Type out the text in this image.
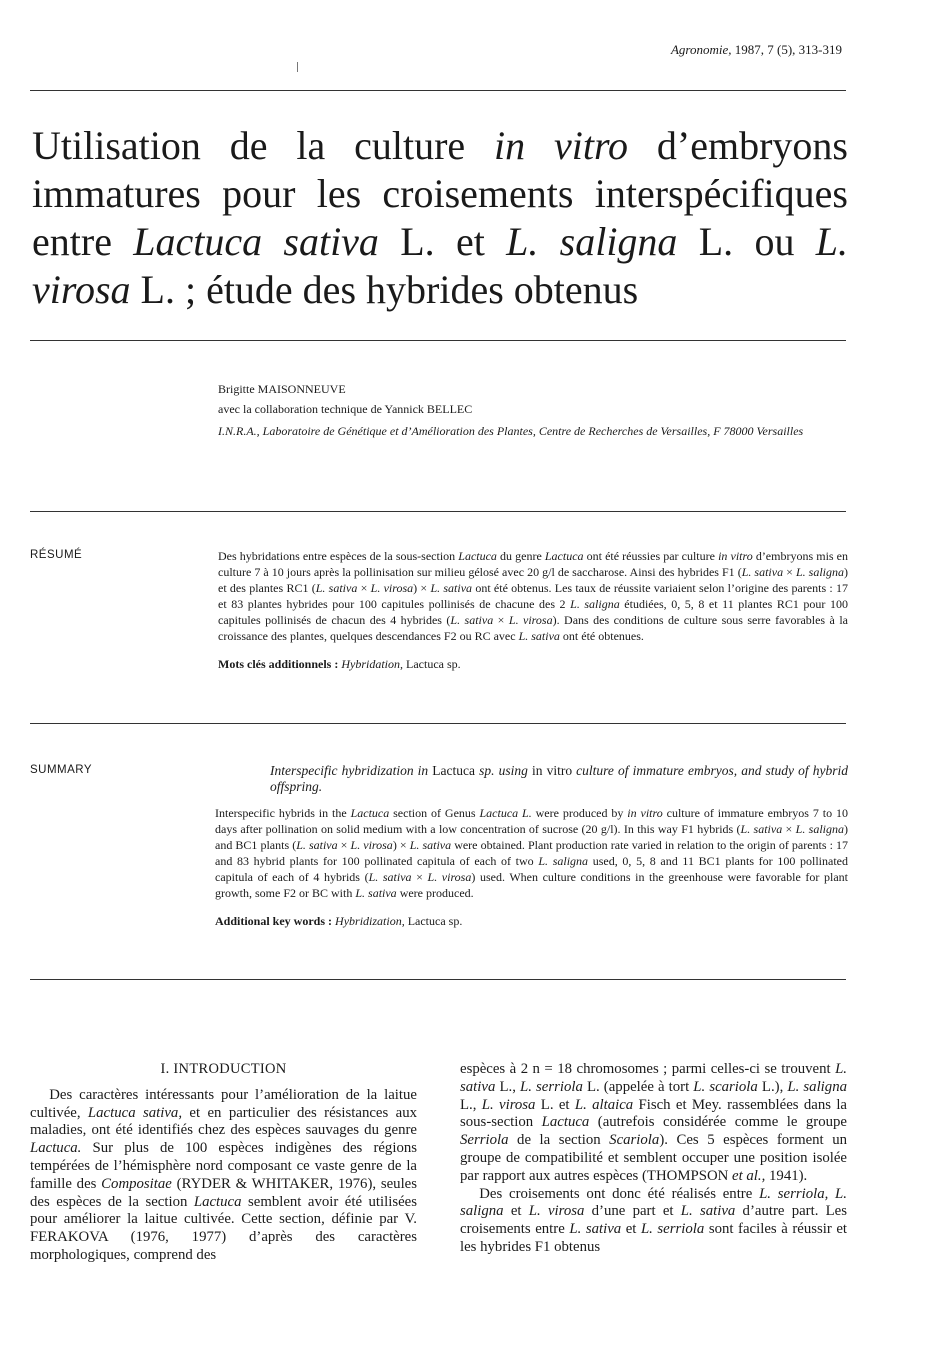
Agronomie, 1987, 7 (5), 313-319
Utilisation de la culture in vitro d’embryons immatures pour les croisements interspécifiques entre Lactuca sativa L. et L. saligna L. ou L. virosa L. ; étude des hybrides obtenus
Brigitte MAISONNEUVE
avec la collaboration technique de Yannick BELLEC
I.N.R.A., Laboratoire de Génétique et d’Amélioration des Plantes, Centre de Recherches de Versailles, F 78000 Versailles
RÉSUMÉ	Des hybridations entre espèces de la sous-section Lactuca du genre Lactuca ont été réussies par culture in vitro d’embryons mis en culture 7 à 10 jours après la pollinisation sur milieu gélosé avec 20 g/l de saccharose. Ainsi des hybrides F1 (L. sativa × L. saligna) et des plantes RC1 (L. sativa × L. virosa) × L. sativa ont été obtenus. Les taux de réussite variaient selon l’origine des parents : 17 et 83 plantes hybrides pour 100 capitules pollinisés de chacune des 2 L. saligna étudiées, 0, 5, 8 et 11 plantes RC1 pour 100 capitules pollinisés de chacun des 4 hybrides (L. sativa × L. virosa). Dans des conditions de culture sous serre favorables à la croissance des plantes, quelques descendances F2 ou RC avec L. sativa ont été obtenues.

Mots clés additionnels : Hybridation, Lactuca sp.

SUMMARY	Interspecific hybridization in Lactuca sp. using in vitro culture of immature embryos, and study of hybrid offspring.

Interspecific hybrids in the Lactuca section of Genus Lactuca L. were produced by in vitro culture of immature embryos 7 to 10 days after pollination on solid medium with a low concentration of sucrose (20 g/l). In this way F1 hybrids (L. sativa × L. saligna) and BC1 plants (L. sativa × L. virosa) × L. sativa were obtained. Plant production rate varied in relation to the origin of parents : 17 and 83 hybrid plants for 100 pollinated capitula of each of two L. saligna used, 0, 5, 8 and 11 BC1 plants for 100 pollinated capitula of each of 4 hybrids (L. sativa × L. virosa) used. When culture conditions in the greenhouse were favorable for plant growth, some F2 or BC with L. sativa were produced.

Additional key words : Hybridization, Lactuca sp.

I. INTRODUCTION

Des caractères intéressants pour l’amélioration de la laitue cultivée, Lactuca sativa, et en particulier des résistances aux maladies, ont été identifiés chez des espèces sauvages du genre Lactuca. Sur plus de 100 espèces indigènes des régions tempérées de l’hémisphère nord composant ce vaste genre de la famille des Compositae (RYDER & WHITAKER, 1976), seules des espèces de la section Lactuca semblent avoir été utilisées pour améliorer la laitue cultivée. Cette section, définie par V. FERAKOVA (1976, 1977) d’après des caractères morphologiques, comprend des

espèces à 2 n = 18 chromosomes ; parmi celles-ci se trouvent L. sativa L., L. serriola L. (appelée à tort L. scariola L.), L. saligna L., L. virosa L. et L. altaica Fisch et Mey. rassemblées dans la sous-section Lactuca (autrefois considérée comme le groupe Serriola de la section Scariola). Ces 5 espèces forment un groupe de compatibilité et semblent occuper une position isolée par rapport aux autres espèces (THOMPSON et al., 1941).

Des croisements ont donc été réalisés entre L. serriola, L. saligna et L. virosa d’une part et L. sativa d’autre part. Les croisements entre L. sativa et L. serriola sont faciles à réussir et les hybrides F1 obtenus
